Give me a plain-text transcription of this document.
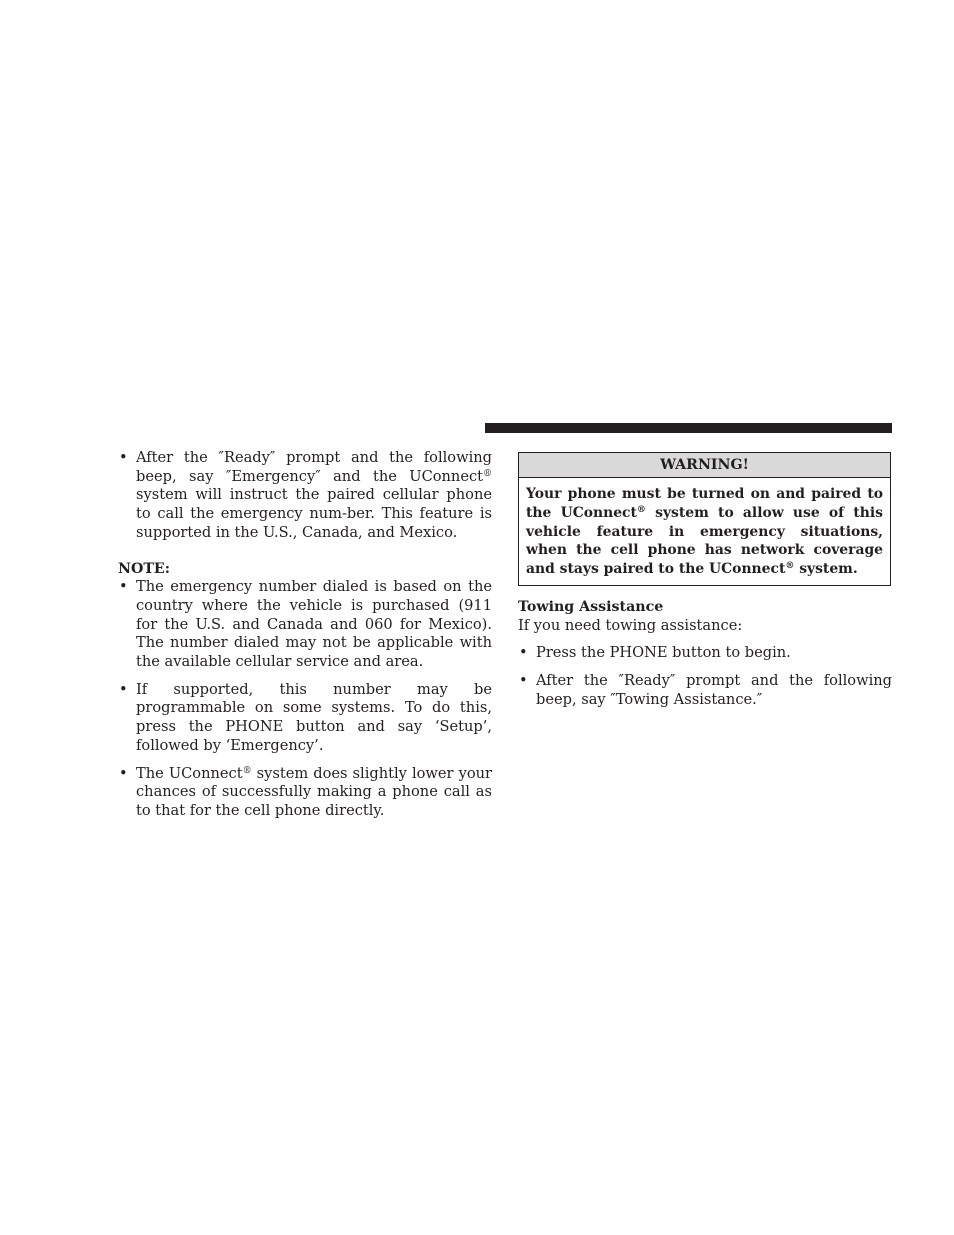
• After the ″Ready″ prompt and the following beep, say ″Emergency″ and the UConnect® system will instruct the paired cellular phone to call the emergency num-ber. This feature is supported in the U.S., Canada, and Mexico.
NOTE:
• The emergency number dialed is based on the country where the vehicle is purchased (911 for the U.S. and Canada and 060 for Mexico). The number dialed may not be applicable with the available cellular service and area.
• If supported, this number may be programmable on some systems. To do this, press the PHONE button and say ‘Setup’, followed by ‘Emergency’.
• The UConnect® system does slightly lower your chances of successfully making a phone call as to that for the cell phone directly.
WARNING!
Your phone must be turned on and paired to the UConnect® system to allow use of this vehicle feature in emergency situations, when the cell phone has network coverage and stays paired to the UConnect® system.
Towing Assistance
If you need towing assistance:
• Press the PHONE button to begin.
• After the ″Ready″ prompt and the following beep, say ″Towing Assistance.″
